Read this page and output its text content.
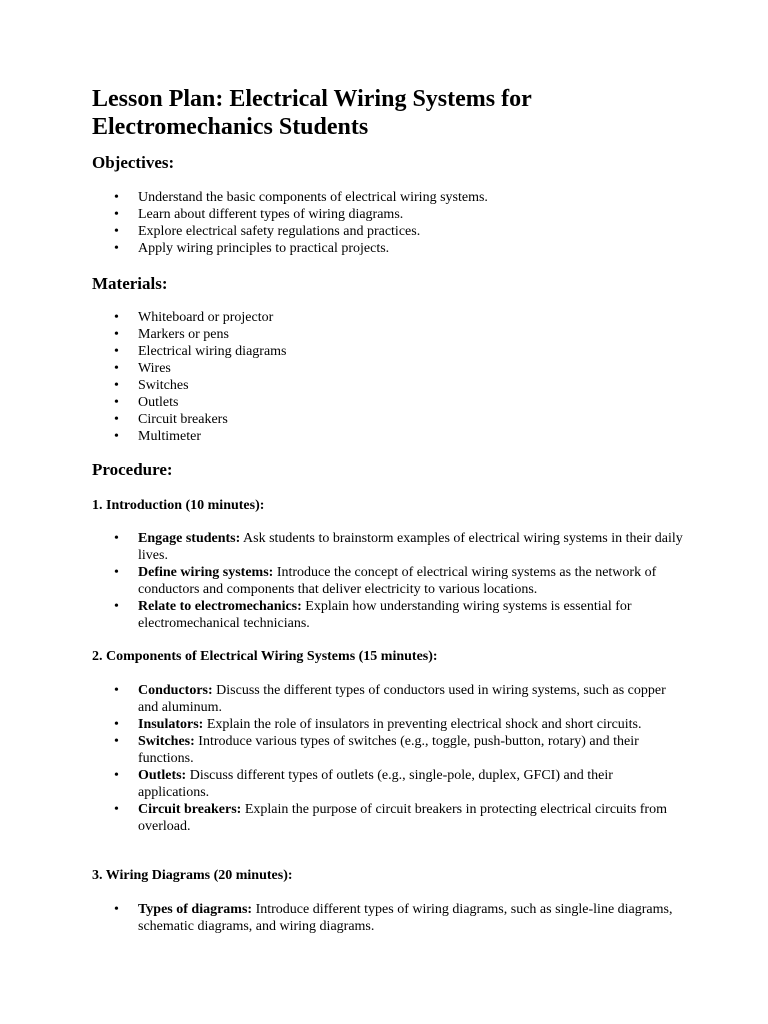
Lesson Plan: Electrical Wiring Systems for Electromechanics Students
Objectives:
• Understand the basic components of electrical wiring systems.
• Learn about different types of wiring diagrams.
• Explore electrical safety regulations and practices.
• Apply wiring principles to practical projects.
Materials:
• Whiteboard or projector
• Markers or pens
• Electrical wiring diagrams
• Wires
• Switches
• Outlets
• Circuit breakers
• Multimeter
Procedure:
1. Introduction (10 minutes):
• Engage students: Ask students to brainstorm examples of electrical wiring systems in their daily lives.
• Define wiring systems: Introduce the concept of electrical wiring systems as the network of conductors and components that deliver electricity to various locations.
• Relate to electromechanics: Explain how understanding wiring systems is essential for electromechanical technicians.
2. Components of Electrical Wiring Systems (15 minutes):
• Conductors: Discuss the different types of conductors used in wiring systems, such as copper and aluminum.
• Insulators: Explain the role of insulators in preventing electrical shock and short circuits.
• Switches: Introduce various types of switches (e.g., toggle, push-button, rotary) and their functions.
• Outlets: Discuss different types of outlets (e.g., single-pole, duplex, GFCI) and their applications.
• Circuit breakers: Explain the purpose of circuit breakers in protecting electrical circuits from overload.
3. Wiring Diagrams (20 minutes):
• Types of diagrams: Introduce different types of wiring diagrams, such as single-line diagrams, schematic diagrams, and wiring diagrams.
